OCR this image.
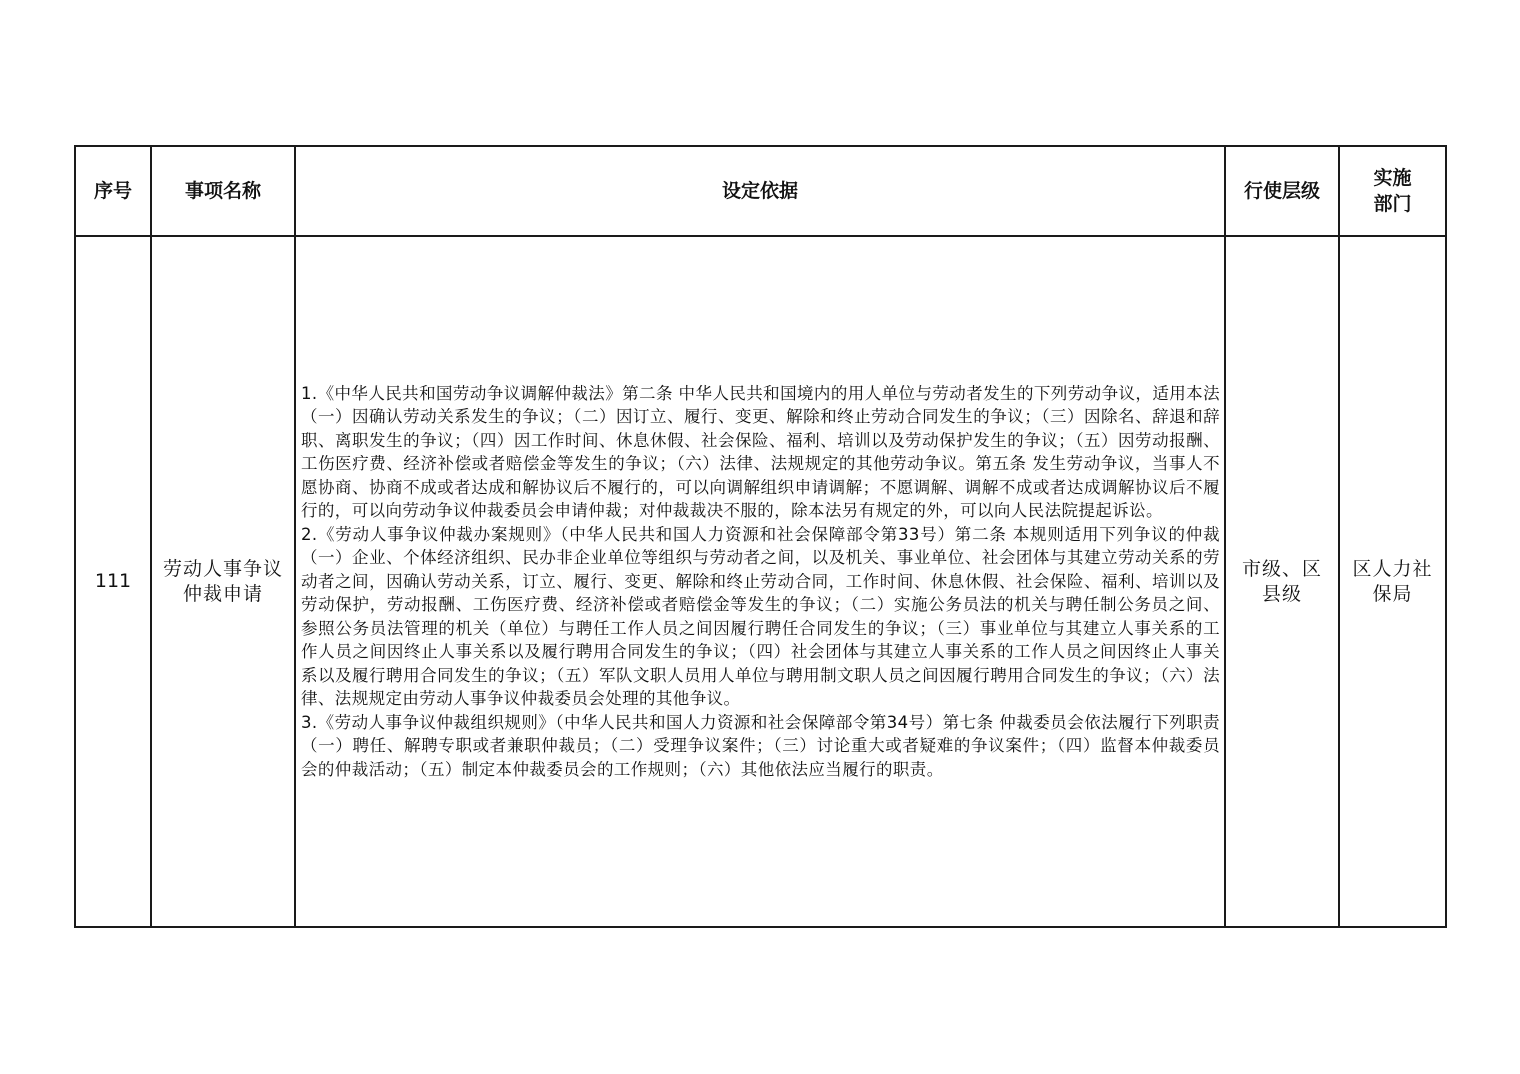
序号	事项名称	设定依据	行使层级	实施部门
111	劳动人事争议仲裁申请	1.《中华人民共和国劳动争议调解仲裁法》第二条 中华人民共和国境内的用人单位与劳动者发生的下列劳动争议，适用本法 （一）因确认劳动关系发生的争议；（二）因订立、履行、变更、解除和终止劳动合同发生的争议；（三）因除名、辞退和辞职、离职发生的争议；（四）因工作时间、休息休假、社会保险、福利、培训以及劳动保护发生的争议；（五）因劳动报酬、工伤医疗费、经济补偿或者赔偿金等发生的争议；（六）法律、法规规定的其他劳动争议。第五条 发生劳动争议，当事人不愿协商、协商不成或者达成和解协议后不履行的，可以向调解组织申请调解；不愿调解、调解不成或者达成调解协议后不履行的，可以向劳动争议仲裁委员会申请仲裁；对仲裁裁决不服的，除本法另有规定的外，可以向人民法院提起诉讼。

2.《劳动人事争议仲裁办案规则》（中华人民共和国人力资源和社会保障部令第33号）第二条 本规则适用下列争议的仲裁 （一）企业、个体经济组织、民办非企业单位等组织与劳动者之间，以及机关、事业单位、社会团体与其建立劳动关系的劳动者之间，因确认劳动关系，订立、履行、变更、解除和终止劳动合同，工作时间、休息休假、社会保险、福利、培训以及劳动保护，劳动报酬、工伤医疗费、经济补偿或者赔偿金等发生的争议；（二）实施公务员法的机关与聘任制公务员之间、参照公务员法管理的机关（单位）与聘任工作人员之间因履行聘任合同发生的争议；（三）事业单位与其建立人事关系的工作人员之间因终止人事关系以及履行聘用合同发生的争议；（四）社会团体与其建立人事关系的工作人员之间因终止人事关系以及履行聘用合同发生的争议；（五）军队文职人员用人单位与聘用制文职人员之间因履行聘用合同发生的争议；（六）法律、法规规定由劳动人事争议仲裁委员会处理的其他争议。

3.《劳动人事争议仲裁组织规则》（中华人民共和国人力资源和社会保障部令第34号）第七条 仲裁委员会依法履行下列职责 （一）聘任、解聘专职或者兼职仲裁员；（二）受理争议案件；（三）讨论重大或者疑难的争议案件；（四）监督本仲裁委员会的仲裁活动；（五）制定本仲裁委员会的工作规则；（六）其他依法应当履行的职责。	市级、区县级	区人力社保局
